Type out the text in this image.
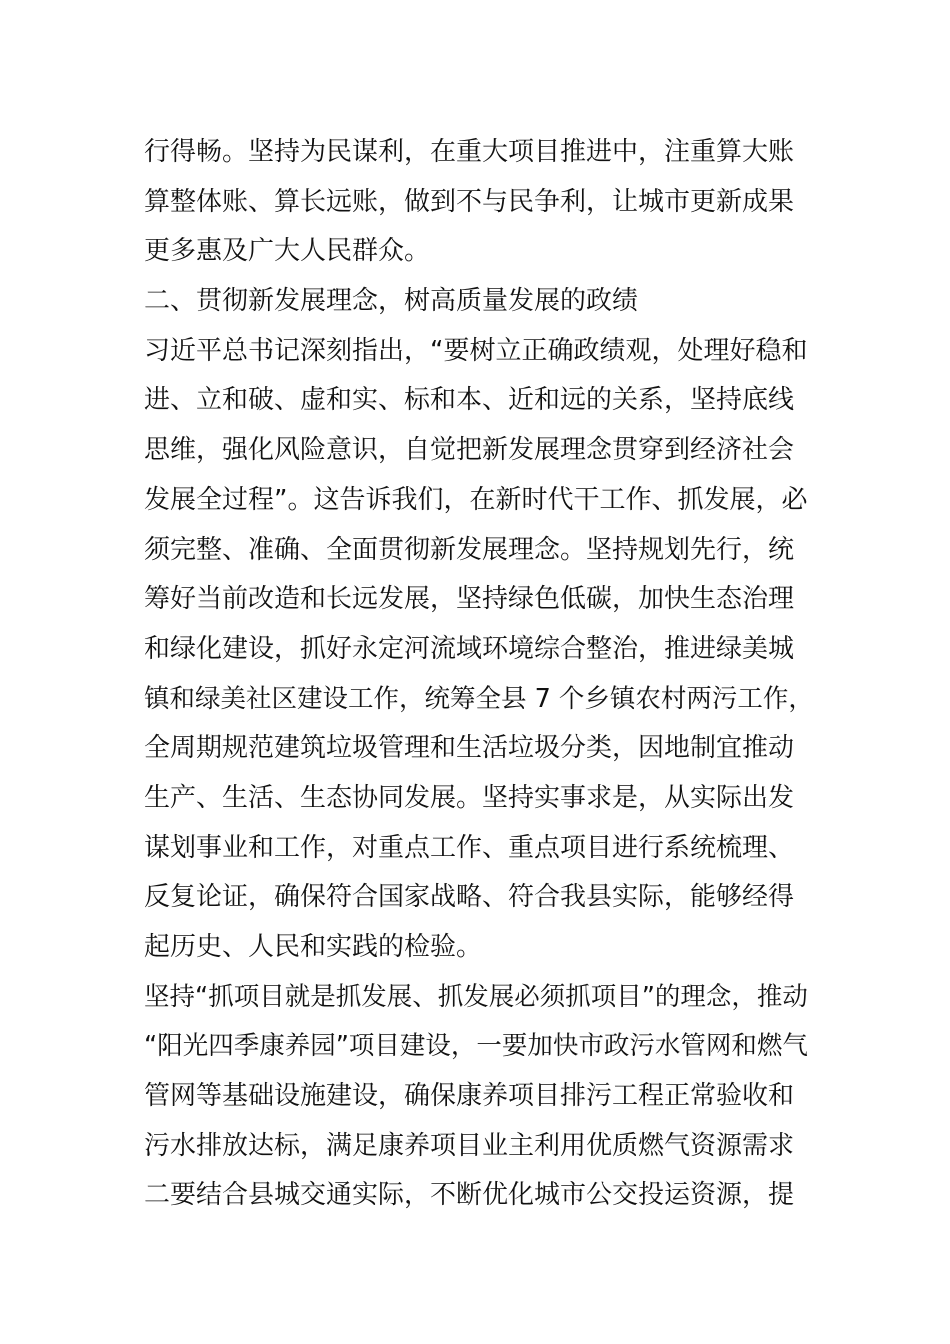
行得畅。坚持为民谋利，在重大项目推进中，注重算大账
算整体账、算长远账，做到不与民争利，让城市更新成果
更多惠及广大人民群众。
二、贯彻新发展理念，树高质量发展的政绩
习近平总书记深刻指出，“要树立正确政绩观，处理好稳和
进、立和破、虚和实、标和本、近和远的关系，坚持底线
思维，强化风险意识，自觉把新发展理念贯穿到经济社会
发展全过程”。这告诉我们，在新时代干工作、抓发展，必
须完整、准确、全面贯彻新发展理念。坚持规划先行，统
筹好当前改造和长远发展，坚持绿色低碳，加快生态治理
和绿化建设，抓好永定河流域环境综合整治，推进绿美城
镇和绿美社区建设工作，统筹全县 7 个乡镇农村两污工作，
全周期规范建筑垃圾管理和生活垃圾分类，因地制宜推动
生产、生活、生态协同发展。坚持实事求是，从实际出发
谋划事业和工作，对重点工作、重点项目进行系统梳理、
反复论证，确保符合国家战略、符合我县实际，能够经得
起历史、人民和实践的检验。
坚持“抓项目就是抓发展、抓发展必须抓项目”的理念，推动
“阳光四季康养园”项目建设，一要加快市政污水管网和燃气
管网等基础设施建设，确保康养项目排污工程正常验收和
污水排放达标，满足康养项目业主利用优质燃气资源需求
二要结合县城交通实际，不断优化城市公交投运资源，提
